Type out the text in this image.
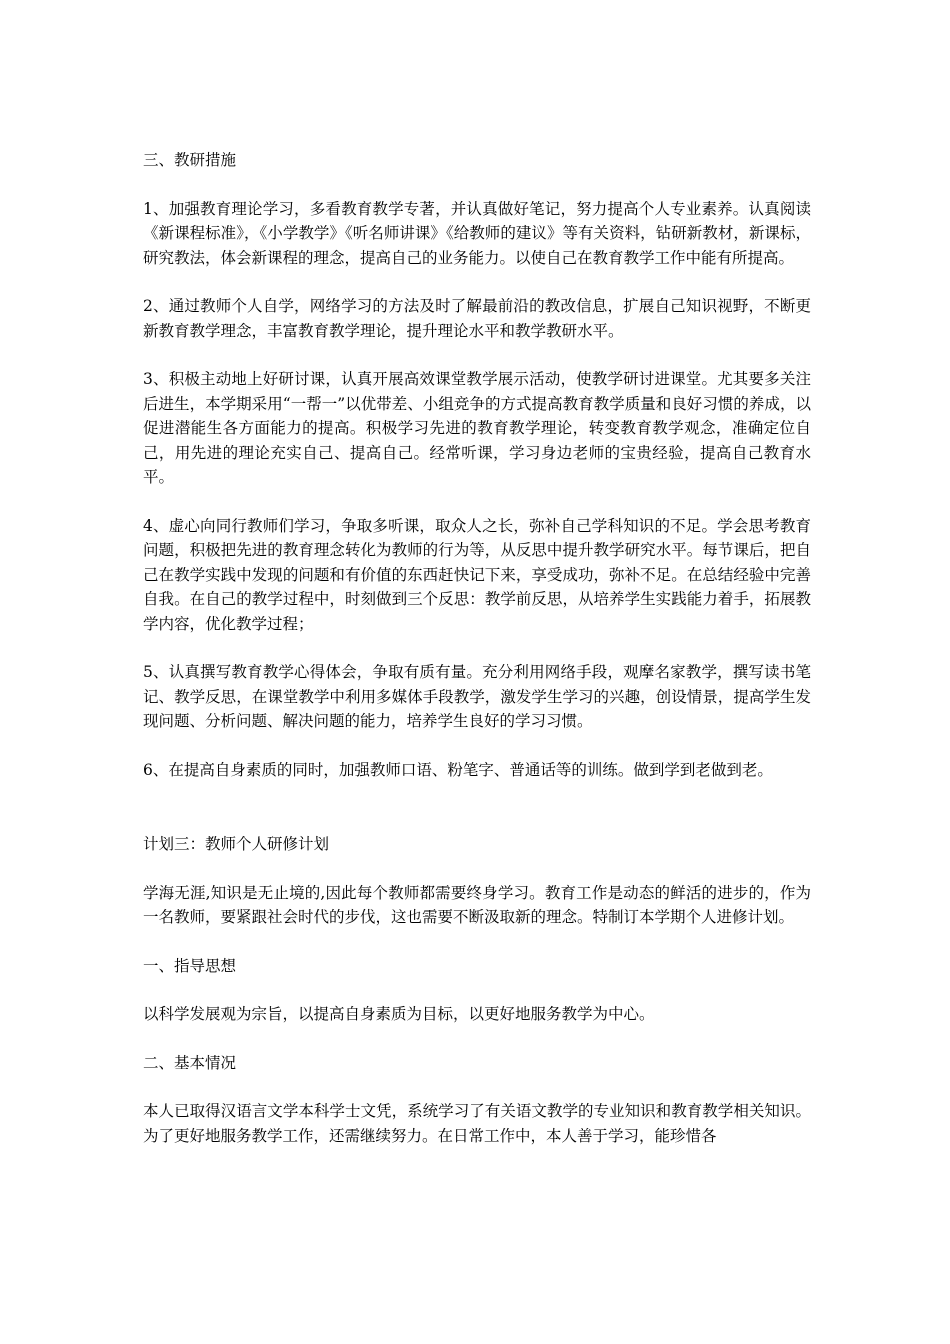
三、教研措施

1、加强教育理论学习，多看教育教学专著，并认真做好笔记，努力提高个人专业素养。认真阅读《新课程标准》，《小学教学》《听名师讲课》《给教师的建议》等有关资料，钻研新教材，新课标，研究教法，体会新课程的理念，提高自己的业务能力。以使自己在教育教学工作中能有所提高。

2、通过教师个人自学，网络学习的方法及时了解最前沿的教改信息，扩展自己知识视野，不断更新教育教学理念，丰富教育教学理论，提升理论水平和教学教研水平。

3、积极主动地上好研讨课，认真开展高效课堂教学展示活动，使教学研讨进课堂。尤其要多关注后进生，本学期采用“一帮一”以优带差、小组竞争的方式提高教育教学质量和良好习惯的养成，以促进潜能生各方面能力的提高。积极学习先进的教育教学理论，转变教育教学观念，准确定位自己，用先进的理论充实自己、提高自己。经常听课，学习身边老师的宝贵经验，提高自己教育水平。

4、虚心向同行教师们学习，争取多听课，取众人之长，弥补自己学科知识的不足。学会思考教育问题，积极把先进的教育理念转化为教师的行为等，从反思中提升教学研究水平。每节课后，把自己在教学实践中发现的问题和有价值的东西赶快记下来，享受成功，弥补不足。在总结经验中完善自我。在自己的教学过程中，时刻做到三个反思：教学前反思，从培养学生实践能力着手，拓展教学内容，优化教学过程；

5、认真撰写教育教学心得体会，争取有质有量。充分利用网络手段，观摩名家教学，撰写读书笔记、教学反思，在课堂教学中利用多媒体手段教学，激发学生学习的兴趣，创设情景，提高学生发现问题、分析问题、解决问题的能力，培养学生良好的学习习惯。

6、在提高自身素质的同时，加强教师口语、粉笔字、普通话等的训练。做到学到老做到老。

计划三：教师个人研修计划

学海无涯,知识是无止境的,因此每个教师都需要终身学习。教育工作是动态的鲜活的进步的，作为一名教师，要紧跟社会时代的步伐，这也需要不断汲取新的理念。特制订本学期个人进修计划。

一、指导思想

以科学发展观为宗旨，以提高自身素质为目标，以更好地服务教学为中心。

二、基本情况

本人已取得汉语言文学本科学士文凭，系统学习了有关语文教学的专业知识和教育教学相关知识。为了更好地服务教学工作，还需继续努力。在日常工作中，本人善于学习，能珍惜各
